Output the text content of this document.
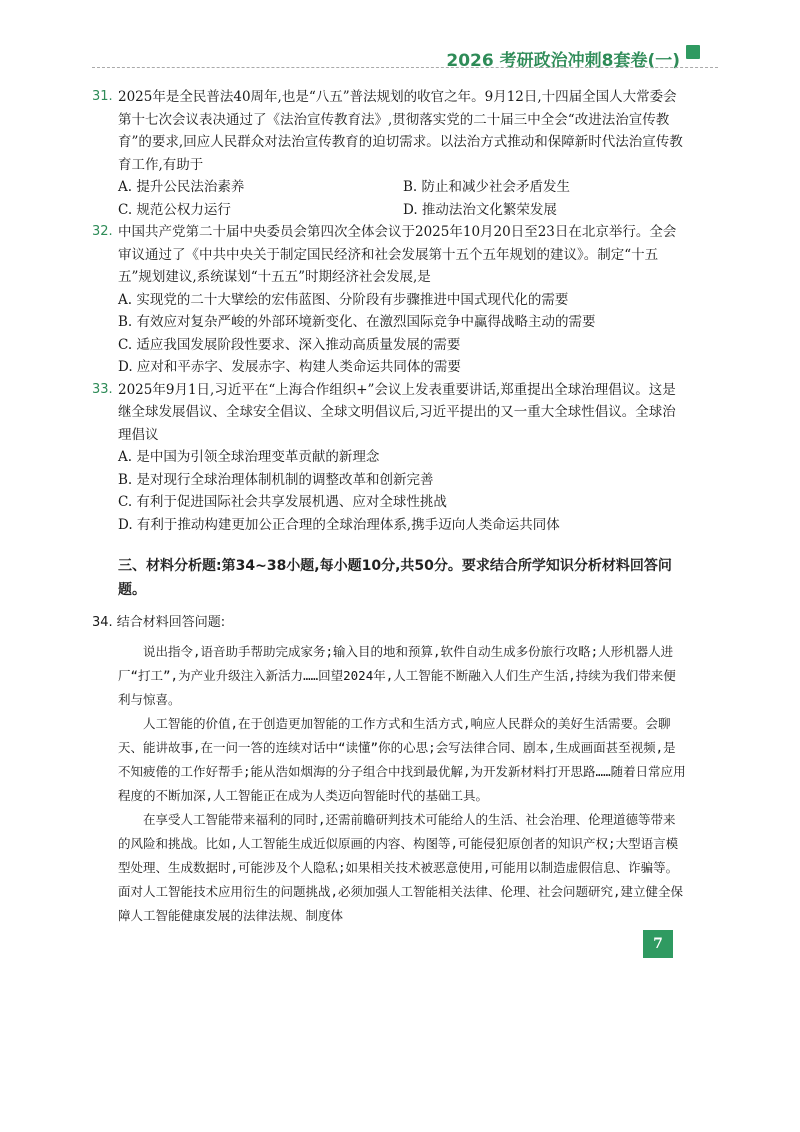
2026 考研政治冲刺8套卷(一)
31. 2025年是全民普法40周年,也是“八五”普法规划的收官之年。9月12日,十四届全国人大常委会第十七次会议表决通过了《法治宣传教育法》,贯彻落实党的二十届三中全会“改进法治宣传教育”的要求,回应人民群众对法治宣传教育的迫切需求。以法治方式推动和保障新时代法治宣传教育工作,有助于
A. 提升公民法治素养	B. 防止和减少社会矛盾发生
C. 规范公权力运行	D. 推动法治文化繁荣发展
32. 中国共产党第二十届中央委员会第四次全体会议于2025年10月20日至23日在北京举行。全会审议通过了《中共中央关于制定国民经济和社会发展第十五个五年规划的建议》。制定“十五五”规划建议,系统谋划“十五五”时期经济社会发展,是
A. 实现党的二十大擘绘的宏伟蓝图、分阶段有步骤推进中国式现代化的需要
B. 有效应对复杂严峻的外部环境新变化、在激烈国际竞争中赢得战略主动的需要
C. 适应我国发展阶段性要求、深入推动高质量发展的需要
D. 应对和平赤字、发展赤字、构建人类命运共同体的需要
33. 2025年9月1日,习近平在“上海合作组织+”会议上发表重要讲话,郑重提出全球治理倡议。这是继全球发展倡议、全球安全倡议、全球文明倡议后,习近平提出的又一重大全球性倡议。全球治理倡议
A. 是中国为引领全球治理变革贡献的新理念
B. 是对现行全球治理体制机制的调整改革和创新完善
C. 有利于促进国际社会共享发展机遇、应对全球性挑战
D. 有利于推动构建更加公正合理的全球治理体系,携手迈向人类命运共同体
三、材料分析题:第34~38小题,每小题10分,共50分。要求结合所学知识分析材料回答问题。
34. 结合材料回答问题:

说出指令,语音助手帮助完成家务;输入目的地和预算,软件自动生成多份旅行攻略;人形机器人进厂“打工”,为产业升级注入新活力……回望2024年,人工智能不断融入人们生产生活,持续为我们带来便利与惊喜。

人工智能的价值,在于创造更加智能的工作方式和生活方式,响应人民群众的美好生活需要。会聊天、能讲故事,在一问一答的连续对话中“读懂”你的心思;会写法律合同、剧本,生成画面甚至视频,是不知疲倦的工作好帮手;能从浩如烟海的分子组合中找到最优解,为开发新材料打开思路……随着日常应用程度的不断加深,人工智能正在成为人类迈向智能时代的基础工具。

在享受人工智能带来福利的同时,还需前瞻研判技术可能给人的生活、社会治理、伦理道德等带来的风险和挑战。比如,人工智能生成近似原画的内容、构图等,可能侵犯原创者的知识产权;大型语言模型处理、生成数据时,可能涉及个人隐私;如果相关技术被恶意使用,可能用以制造虚假信息、诈骗等。面对人工智能技术应用衍生的问题挑战,必须加强人工智能相关法律、伦理、社会问题研究,建立健全保障人工智能健康发展的法律法规、制度体

7
